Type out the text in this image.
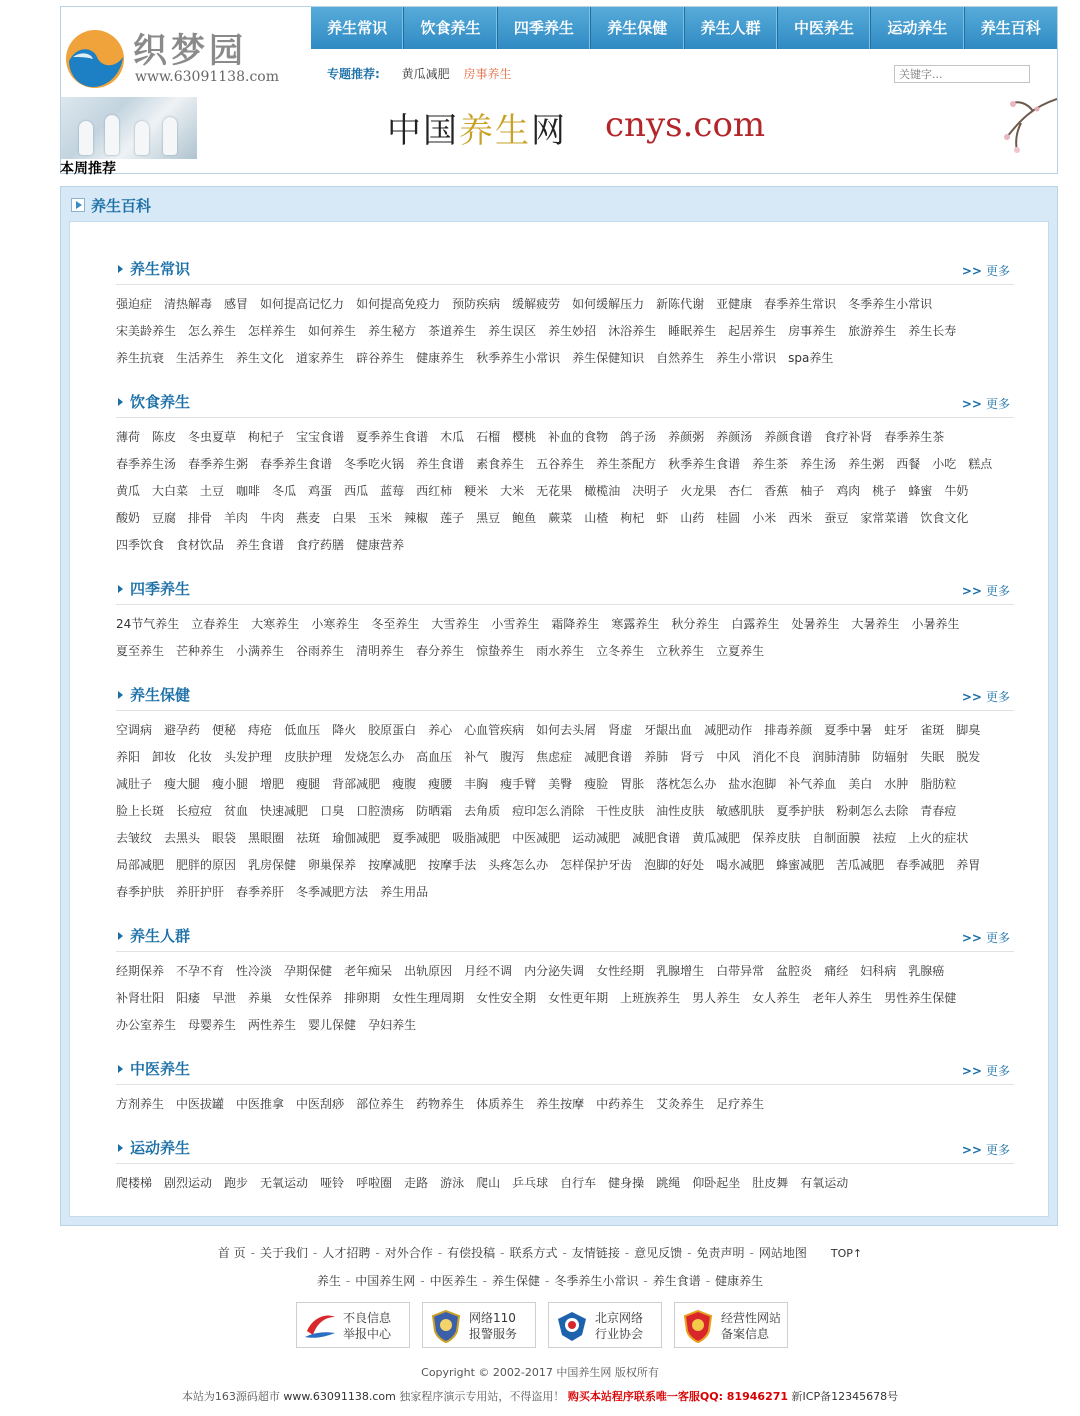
织梦园
www.63091138.com
养生常识	饮食养生	四季养生	养生保健	养生人群	中医养生	运动养生	养生百科
专题推荐: 黄瓜减肥 房事养生
关键字...
中国养生网 cnys.com
本周推荐
养生百科
养生常识	>> 更多
强迫症 清热解毒 感冒 如何提高记忆力 如何提高免疫力 预防疾病 缓解疲劳 如何缓解压力 新陈代谢 亚健康 春季养生常识 冬季养生小常识宋美龄养生 怎么养生 怎样养生 如何养生 养生秘方 茶道养生 养生误区 养生妙招 沐浴养生 睡眠养生 起居养生 房事养生 旅游养生 养生长寿养生抗衰 生活养生 养生文化 道家养生 辟谷养生 健康养生 秋季养生小常识 养生保健知识 自然养生 养生小常识 spa养生
饮食养生	>> 更多
薄荷 陈皮 冬虫夏草 枸杞子 宝宝食谱 夏季养生食谱 木瓜 石榴 樱桃 补血的食物 鸽子汤 养颜粥 养颜汤 养颜食谱 食疗补肾 春季养生茶春季养生汤 春季养生粥 春季养生食谱 冬季吃火锅 养生食谱 素食养生 五谷养生 养生茶配方 秋季养生食谱 养生茶 养生汤 养生粥 西餐 小吃 糕点黄瓜 大白菜 土豆 咖啡 冬瓜 鸡蛋 西瓜 蓝莓 西红柿 粳米 大米 无花果 橄榄油 决明子 火龙果 杏仁 香蕉 柚子 鸡肉 桃子 蜂蜜 牛奶酸奶 豆腐 排骨 羊肉 牛肉 燕麦 白果 玉米 辣椒 莲子 黑豆 鲍鱼 蕨菜 山楂 枸杞 虾 山药 桂圆 小米 西米 蚕豆 家常菜谱 饮食文化四季饮食 食材饮品 养生食谱 食疗药膳 健康营养
四季养生	>> 更多
24节气养生 立春养生 大寒养生 小寒养生 冬至养生 大雪养生 小雪养生 霜降养生 寒露养生 秋分养生 白露养生 处暑养生 大暑养生 小暑养生夏至养生 芒种养生 小满养生 谷雨养生 清明养生 春分养生 惊蛰养生 雨水养生 立冬养生 立秋养生 立夏养生
养生保健	>> 更多
空调病 避孕药 便秘 痔疮 低血压 降火 胶原蛋白 养心 心血管疾病 如何去头屑 肾虚 牙龈出血 减肥动作 排毒养颜 夏季中暑 蛀牙 雀斑 脚臭养阳 卸妆 化妆 头发护理 皮肤护理 发烧怎么办 高血压 补气 腹泻 焦虑症 减肥食谱 养肺 肾亏 中风 消化不良 润肺清肺 防辐射 失眠 脱发减肚子 瘦大腿 瘦小腿 增肥 瘦腿 背部减肥 瘦腹 瘦腰 丰胸 瘦手臂 美臀 瘦脸 胃胀 落枕怎么办 盐水泡脚 补气养血 美白 水肿 脂肪粒脸上长斑 长痘痘 贫血 快速减肥 口臭 口腔溃疡 防晒霜 去角质 痘印怎么消除 干性皮肤 油性皮肤 敏感肌肤 夏季护肤 粉刺怎么去除 青春痘去皱纹 去黑头 眼袋 黑眼圈 祛斑 瑜伽减肥 夏季减肥 吸脂减肥 中医减肥 运动减肥 减肥食谱 黄瓜减肥 保养皮肤 自制面膜 祛痘 上火的症状局部减肥 肥胖的原因 乳房保健 卵巢保养 按摩减肥 按摩手法 头疼怎么办 怎样保护牙齿 泡脚的好处 喝水减肥 蜂蜜减肥 苦瓜减肥 春季减肥 养胃春季护肤 养肝护肝 春季养肝 冬季减肥方法 养生用品
养生人群	>> 更多
经期保养 不孕不育 性冷淡 孕期保健 老年痴呆 出轨原因 月经不调 内分泌失调 女性经期 乳腺增生 白带异常 盆腔炎 痛经 妇科病 乳腺癌补肾壮阳 阳痿 早泄 养巢 女性保养 排卵期 女性生理周期 女性安全期 女性更年期 上班族养生 男人养生 女人养生 老年人养生 男性养生保健办公室养生 母婴养生 两性养生 婴儿保健 孕妇养生
中医养生	>> 更多
方剂养生 中医拔罐 中医推拿 中医刮痧 部位养生 药物养生 体质养生 养生按摩 中药养生 艾灸养生 足疗养生
运动养生	>> 更多
爬楼梯 剧烈运动 跑步 无氧运动 哑铃 呼啦圈 走路 游泳 爬山 乒乓球 自行车 健身操 跳绳 仰卧起坐 肚皮舞 有氧运动
首 页 - 关于我们 - 人才招聘 - 对外合作 - 有偿投稿 - 联系方式 - 友情链接 - 意见反馈 - 免责声明 - 网站地图 TOP↑
养生 - 中国养生网 - 中医养生 - 养生保健 - 冬季养生小常识 - 养生食谱 - 健康养生
不良信息
举报中心
网络110
报警服务
北京网络
行业协会
经营性网站
备案信息
Copyright © 2002-2017 中国养生网 版权所有
本站为163源码超市 www.63091138.com 独家程序演示专用站，不得盗用！ 购买本站程序联系唯一客服QQ: 81946271 新ICP备12345678号
